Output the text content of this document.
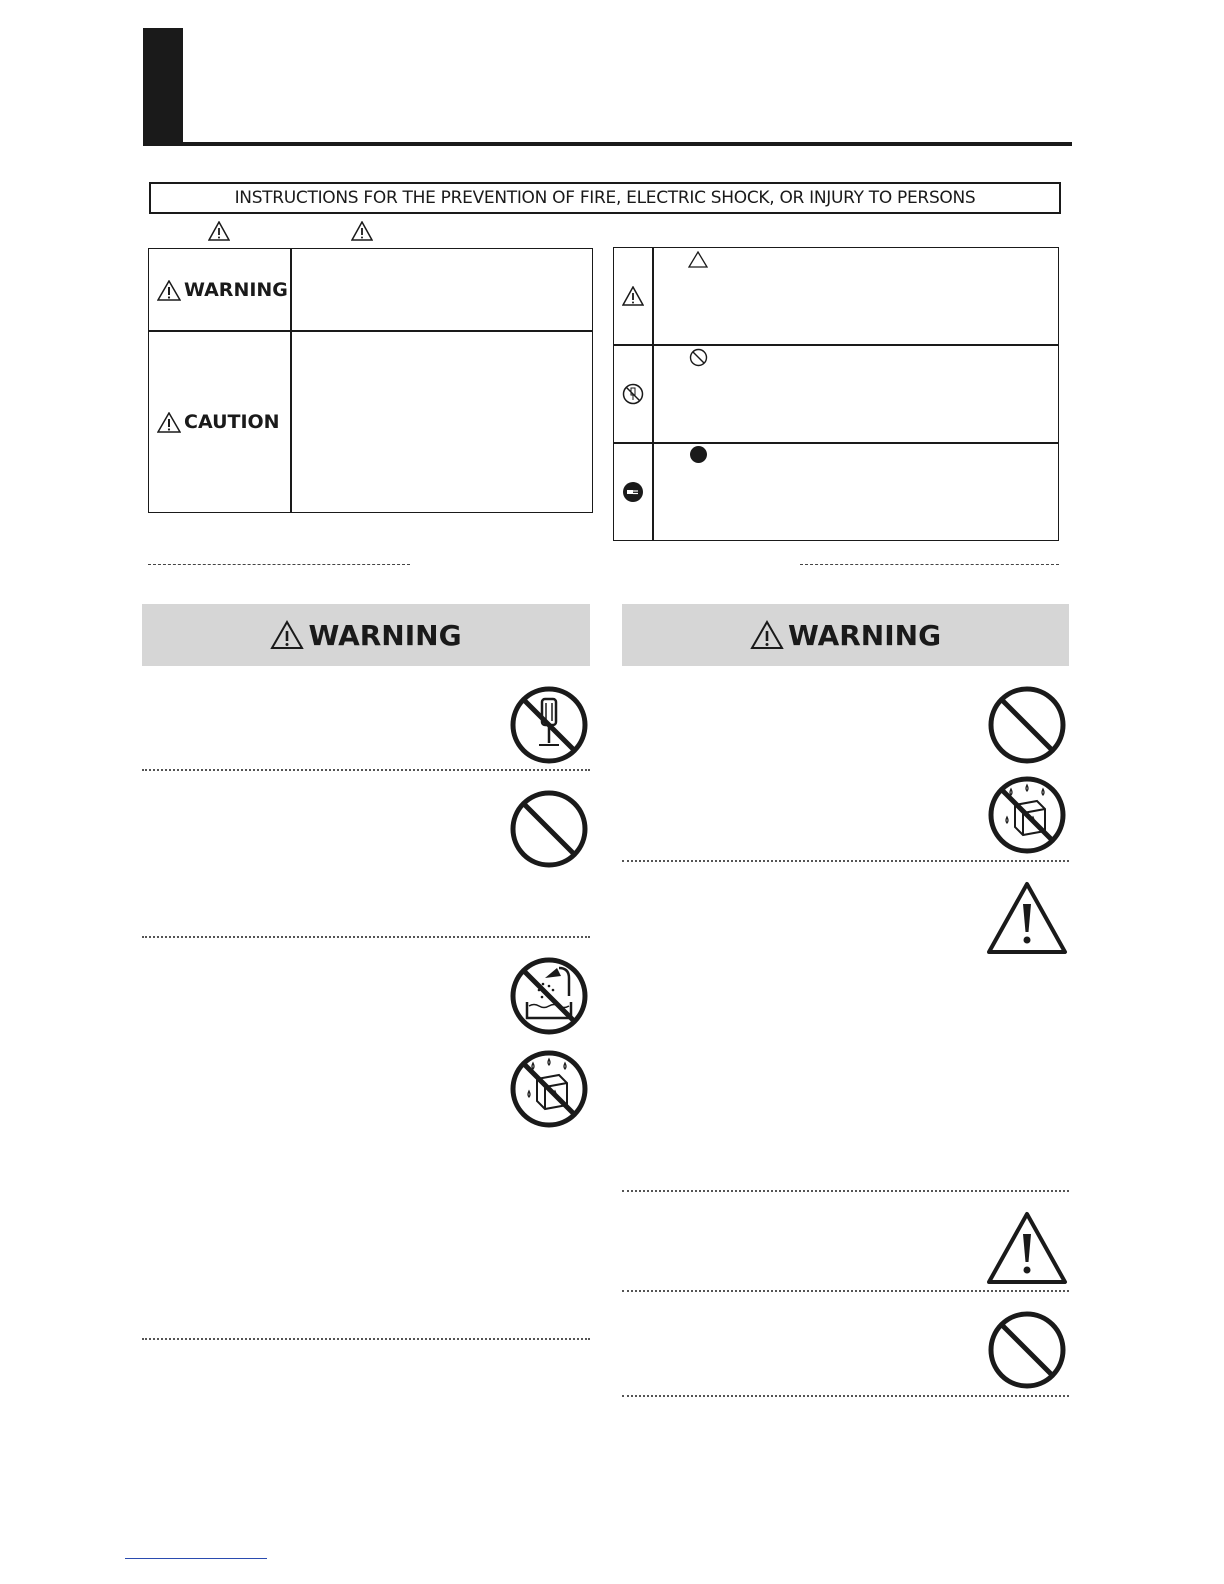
INSTRUCTIONS FOR THE PREVENTION OF FIRE, ELECTRIC SHOCK, OR INJURY TO PERSONS
WARNING
CAUTION
WARNING	WARNING
